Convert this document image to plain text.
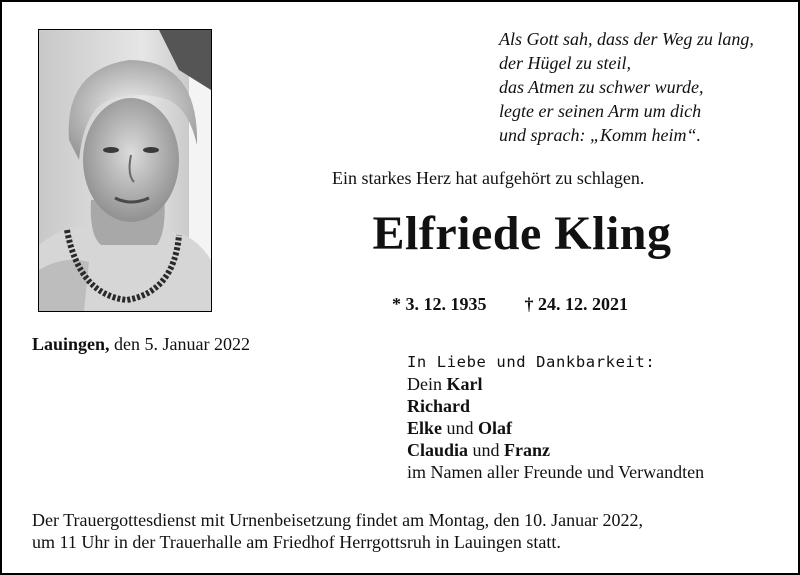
Als Gott sah, dass der Weg zu lang,
der Hügel zu steil,
das Atmen zu schwer wurde,
legte er seinen Arm um dich
und sprach: „Komm heim“.
Ein starkes Herz hat aufgehört zu schlagen.
Elfriede Kling
* 3. 12. 1935 † 24. 12. 2021
Lauingen, den 5. Januar 2022
In Liebe und Dankbarkeit:
Dein Karl
Richard
Elke und Olaf
Claudia und Franz
im Namen aller Freunde und Verwandten
Der Trauergottesdienst mit Urnenbeisetzung findet am Montag, den 10. Januar 2022,
um 11 Uhr in der Trauerhalle am Friedhof Herrgottsruh in Lauingen statt.
